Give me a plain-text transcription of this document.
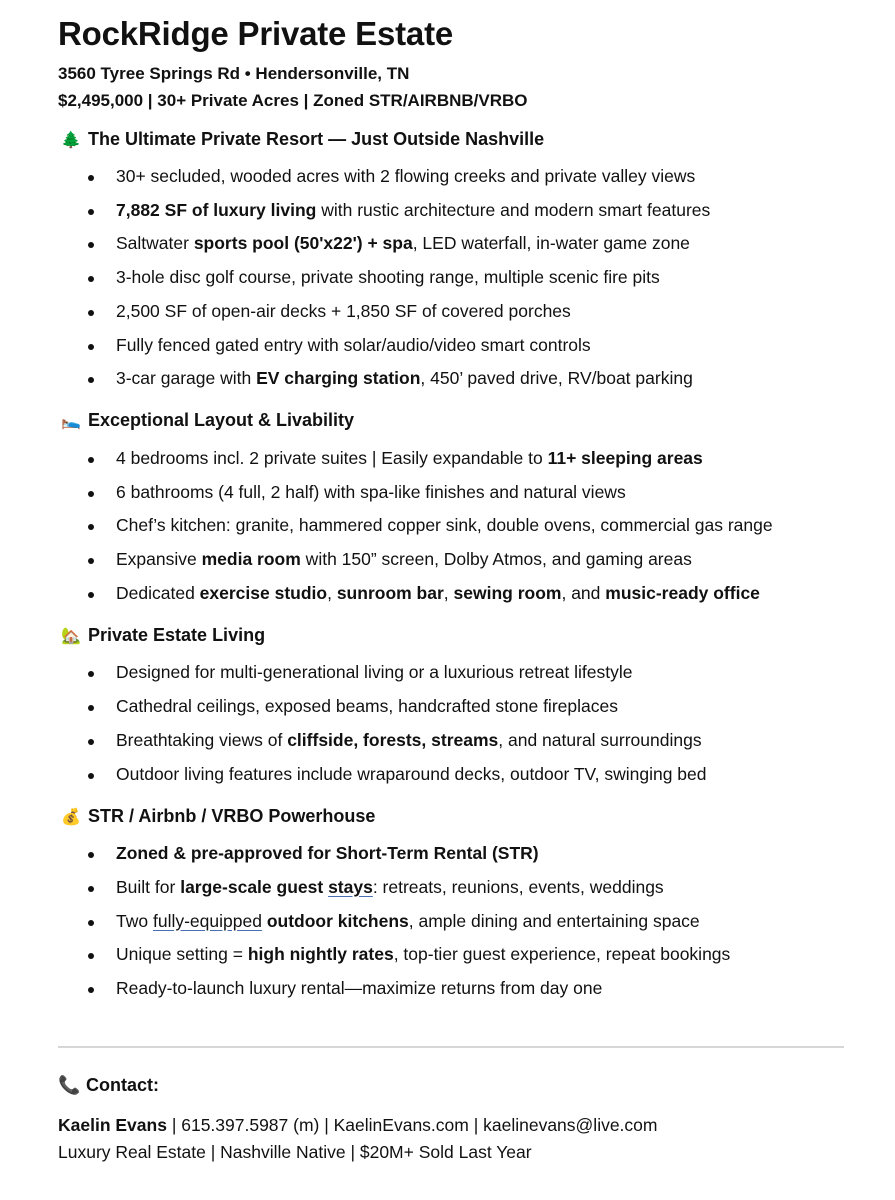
RockRidge Private Estate
3560 Tyree Springs Rd • Hendersonville, TN
$2,495,000 | 30+ Private Acres | Zoned STR/AIRBNB/VRBO
🌲
The Ultimate Private Resort — Just Outside Nashville
30+ secluded, wooded acres with 2 flowing creeks and private valley views
7,882 SF of luxury living with rustic architecture and modern smart features
Saltwater sports pool (50'x22') + spa, LED waterfall, in-water game zone
3-hole disc golf course, private shooting range, multiple scenic fire pits
2,500 SF of open-air decks + 1,850 SF of covered porches
Fully fenced gated entry with solar/audio/video smart controls
3-car garage with EV charging station, 450’ paved drive, RV/boat parking
🛌
Exceptional Layout & Livability
4 bedrooms incl. 2 private suites | Easily expandable to 11+ sleeping areas
6 bathrooms (4 full, 2 half) with spa-like finishes and natural views
Chef’s kitchen: granite, hammered copper sink, double ovens, commercial gas range
Expansive media room with 150” screen, Dolby Atmos, and gaming areas
Dedicated exercise studio, sunroom bar, sewing room, and music-ready office
🏡
Private Estate Living
Designed for multi-generational living or a luxurious retreat lifestyle
Cathedral ceilings, exposed beams, handcrafted stone fireplaces
Breathtaking views of cliffside, forests, streams, and natural surroundings
Outdoor living features include wraparound decks, outdoor TV, swinging bed
💰
STR / Airbnb / VRBO Powerhouse
Zoned & pre-approved for Short-Term Rental (STR)
Built for large-scale guest stays: retreats, reunions, events, weddings
Two fully-equipped outdoor kitchens, ample dining and entertaining space
Unique setting = high nightly rates, top-tier guest experience, repeat bookings
Ready-to-launch luxury rental—maximize returns from day one
📞
Contact:
Kaelin Evans | 615.397.5987 (m) | KaelinEvans.com | kaelinevans@live.com
Luxury Real Estate | Nashville Native | $20M+ Sold Last Year
